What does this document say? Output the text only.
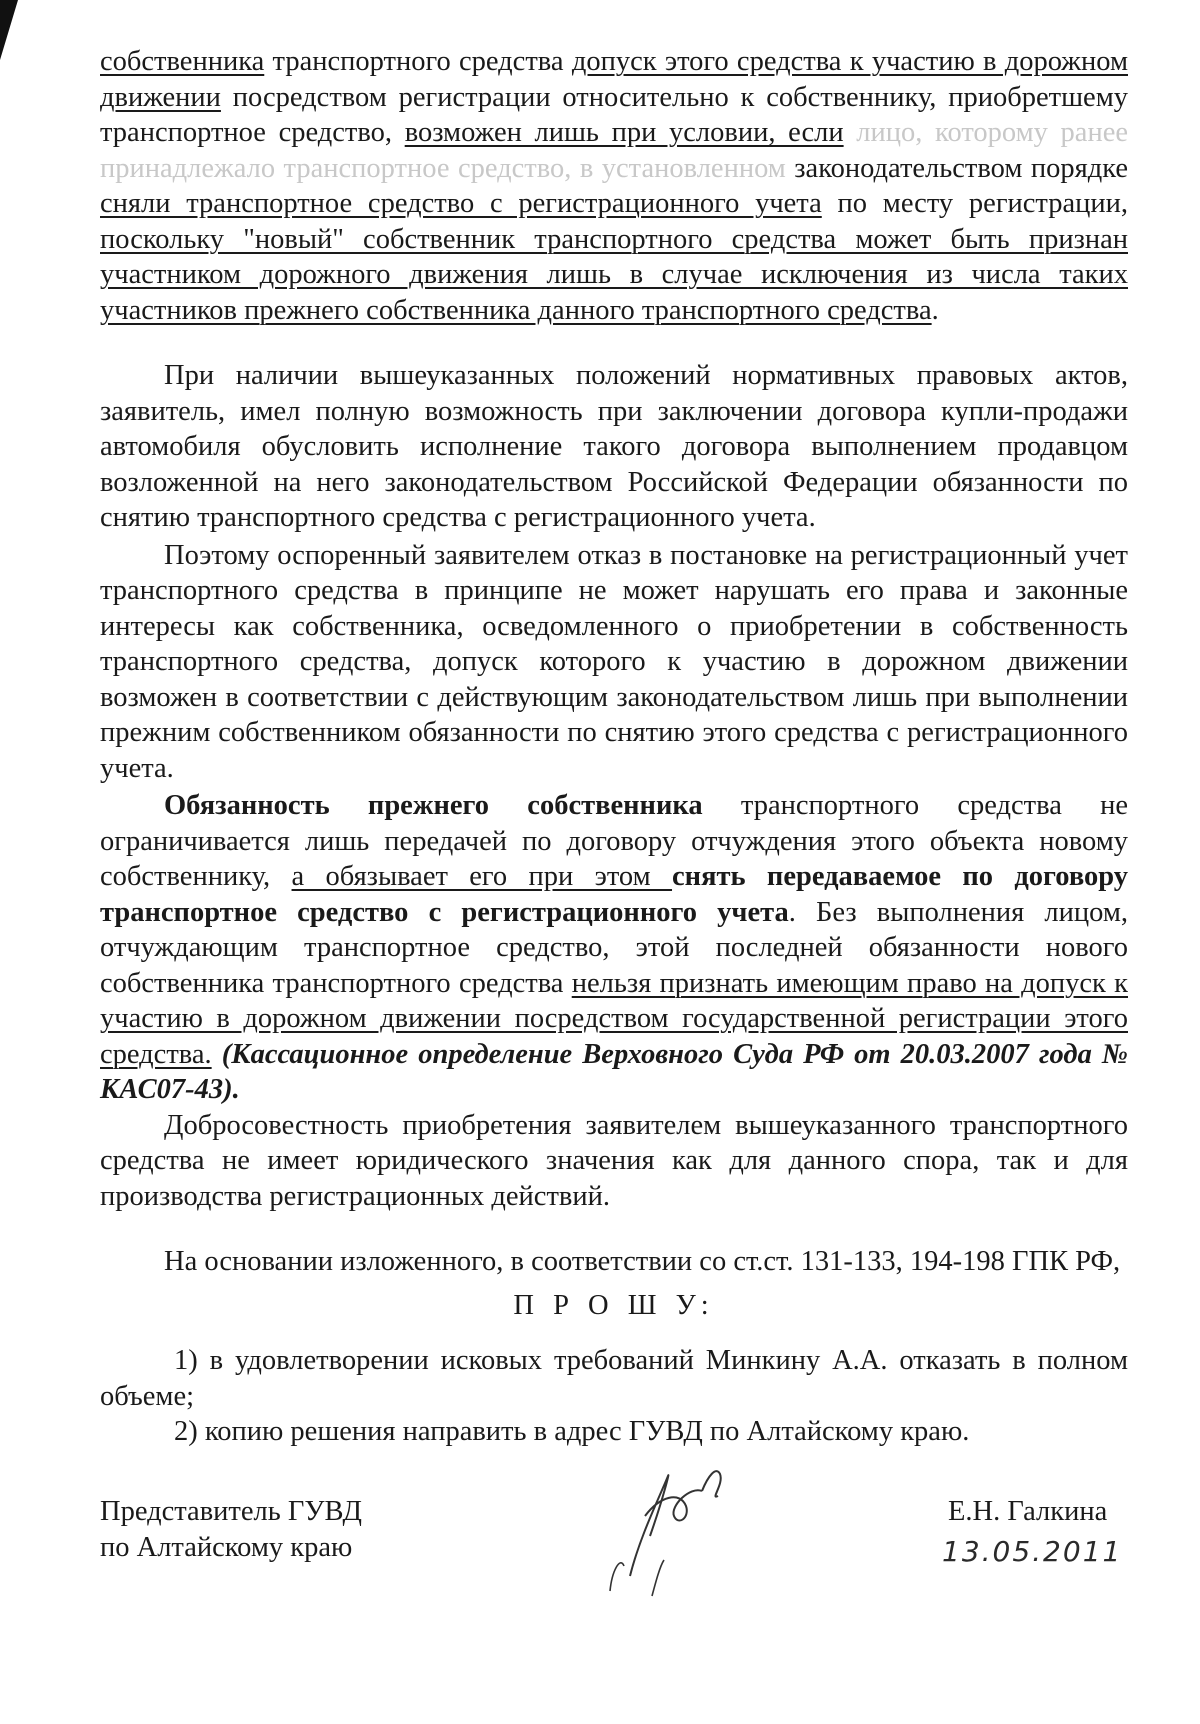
собственника транспортного средства допуск этого средства к участию в дорожном движении посредством регистрации относительно к собственнику, приобретшему транспортное средство, возможен лишь при условии, если лицо, которому ранее принадлежало транспортное средство, в установленном законодательством порядке сняли транспортное средство с регистрационного учета по месту регистрации, поскольку "новый" собственник транспортного средства может быть признан участником дорожного движения лишь в случае исключения из числа таких участников прежнего собственника данного транспортного средства.

При наличии вышеуказанных положений нормативных правовых актов, заявитель, имел полную возможность при заключении договора купли-продажи автомобиля обусловить исполнение такого договора выполнением продавцом возложенной на него законодательством Российской Федерации обязанности по снятию транспортного средства с регистрационного учета.

Поэтому оспоренный заявителем отказ в постановке на регистрационный учет транспортного средства в принципе не может нарушать его права и законные интересы как собственника, осведомленного о приобретении в собственность транспортного средства, допуск которого к участию в дорожном движении возможен в соответствии с действующим законодательством лишь при выполнении прежним собственником обязанности по снятию этого средства с регистрационного учета.

Обязанность прежнего собственника транспортного средства не ограничивается лишь передачей по договору отчуждения этого объекта новому собственнику, а обязывает его при этом снять передаваемое по договору транспортное средство с регистрационного учета. Без выполнения лицом, отчуждающим транспортное средство, этой последней обязанности нового собственника транспортного средства нельзя признать имеющим право на допуск к участию в дорожном движении посредством государственной регистрации этого средства. (Кассационное определение Верховного Суда РФ от 20.03.2007 года № КАС07-43).

Добросовестность приобретения заявителем вышеуказанного транспортного средства не имеет юридического значения как для данного спора, так и для производства регистрационных действий.

На основании изложенного, в соответствии со ст.ст. 131-133, 194-198 ГПК РФ,

П Р О Ш У:

1) в удовлетворении исковых требований Минкину А.А. отказать в полном объеме;

2) копию решения направить в адрес ГУВД по Алтайскому краю.

Представитель ГУВД
по Алтайскому краю
Е.Н. Галкина
13.05.2011
